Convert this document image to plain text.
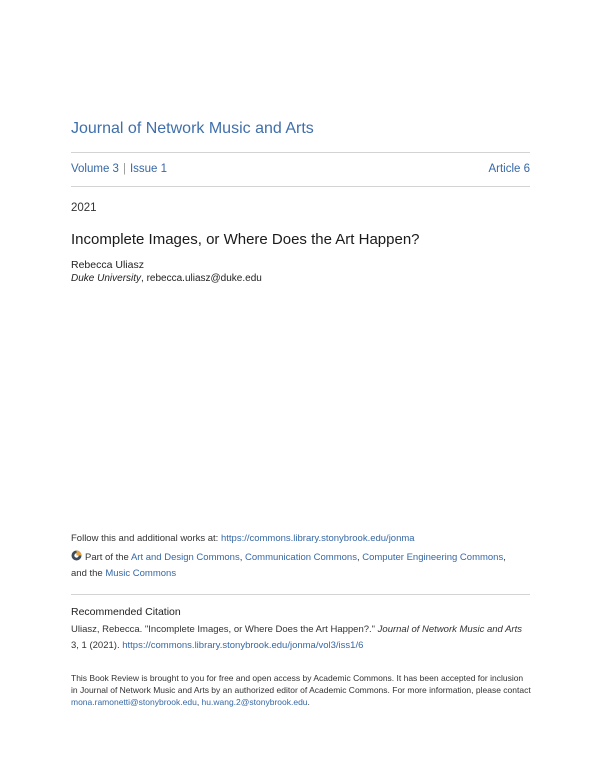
Journal of Network Music and Arts
Volume 3 | Issue 1	Article 6
2021
Incomplete Images, or Where Does the Art Happen?
Rebecca Uliasz
Duke University, rebecca.uliasz@duke.edu
Follow this and additional works at: https://commons.library.stonybrook.edu/jonma
Part of the Art and Design Commons, Communication Commons, Computer Engineering Commons,
and the Music Commons
Recommended Citation
Uliasz, Rebecca. "Incomplete Images, or Where Does the Art Happen?." Journal of Network Music and Arts 3, 1 (2021). https://commons.library.stonybrook.edu/jonma/vol3/iss1/6
This Book Review is brought to you for free and open access by Academic Commons. It has been accepted for inclusion in Journal of Network Music and Arts by an authorized editor of Academic Commons. For more information, please contact mona.ramonetti@stonybrook.edu, hu.wang.2@stonybrook.edu.
